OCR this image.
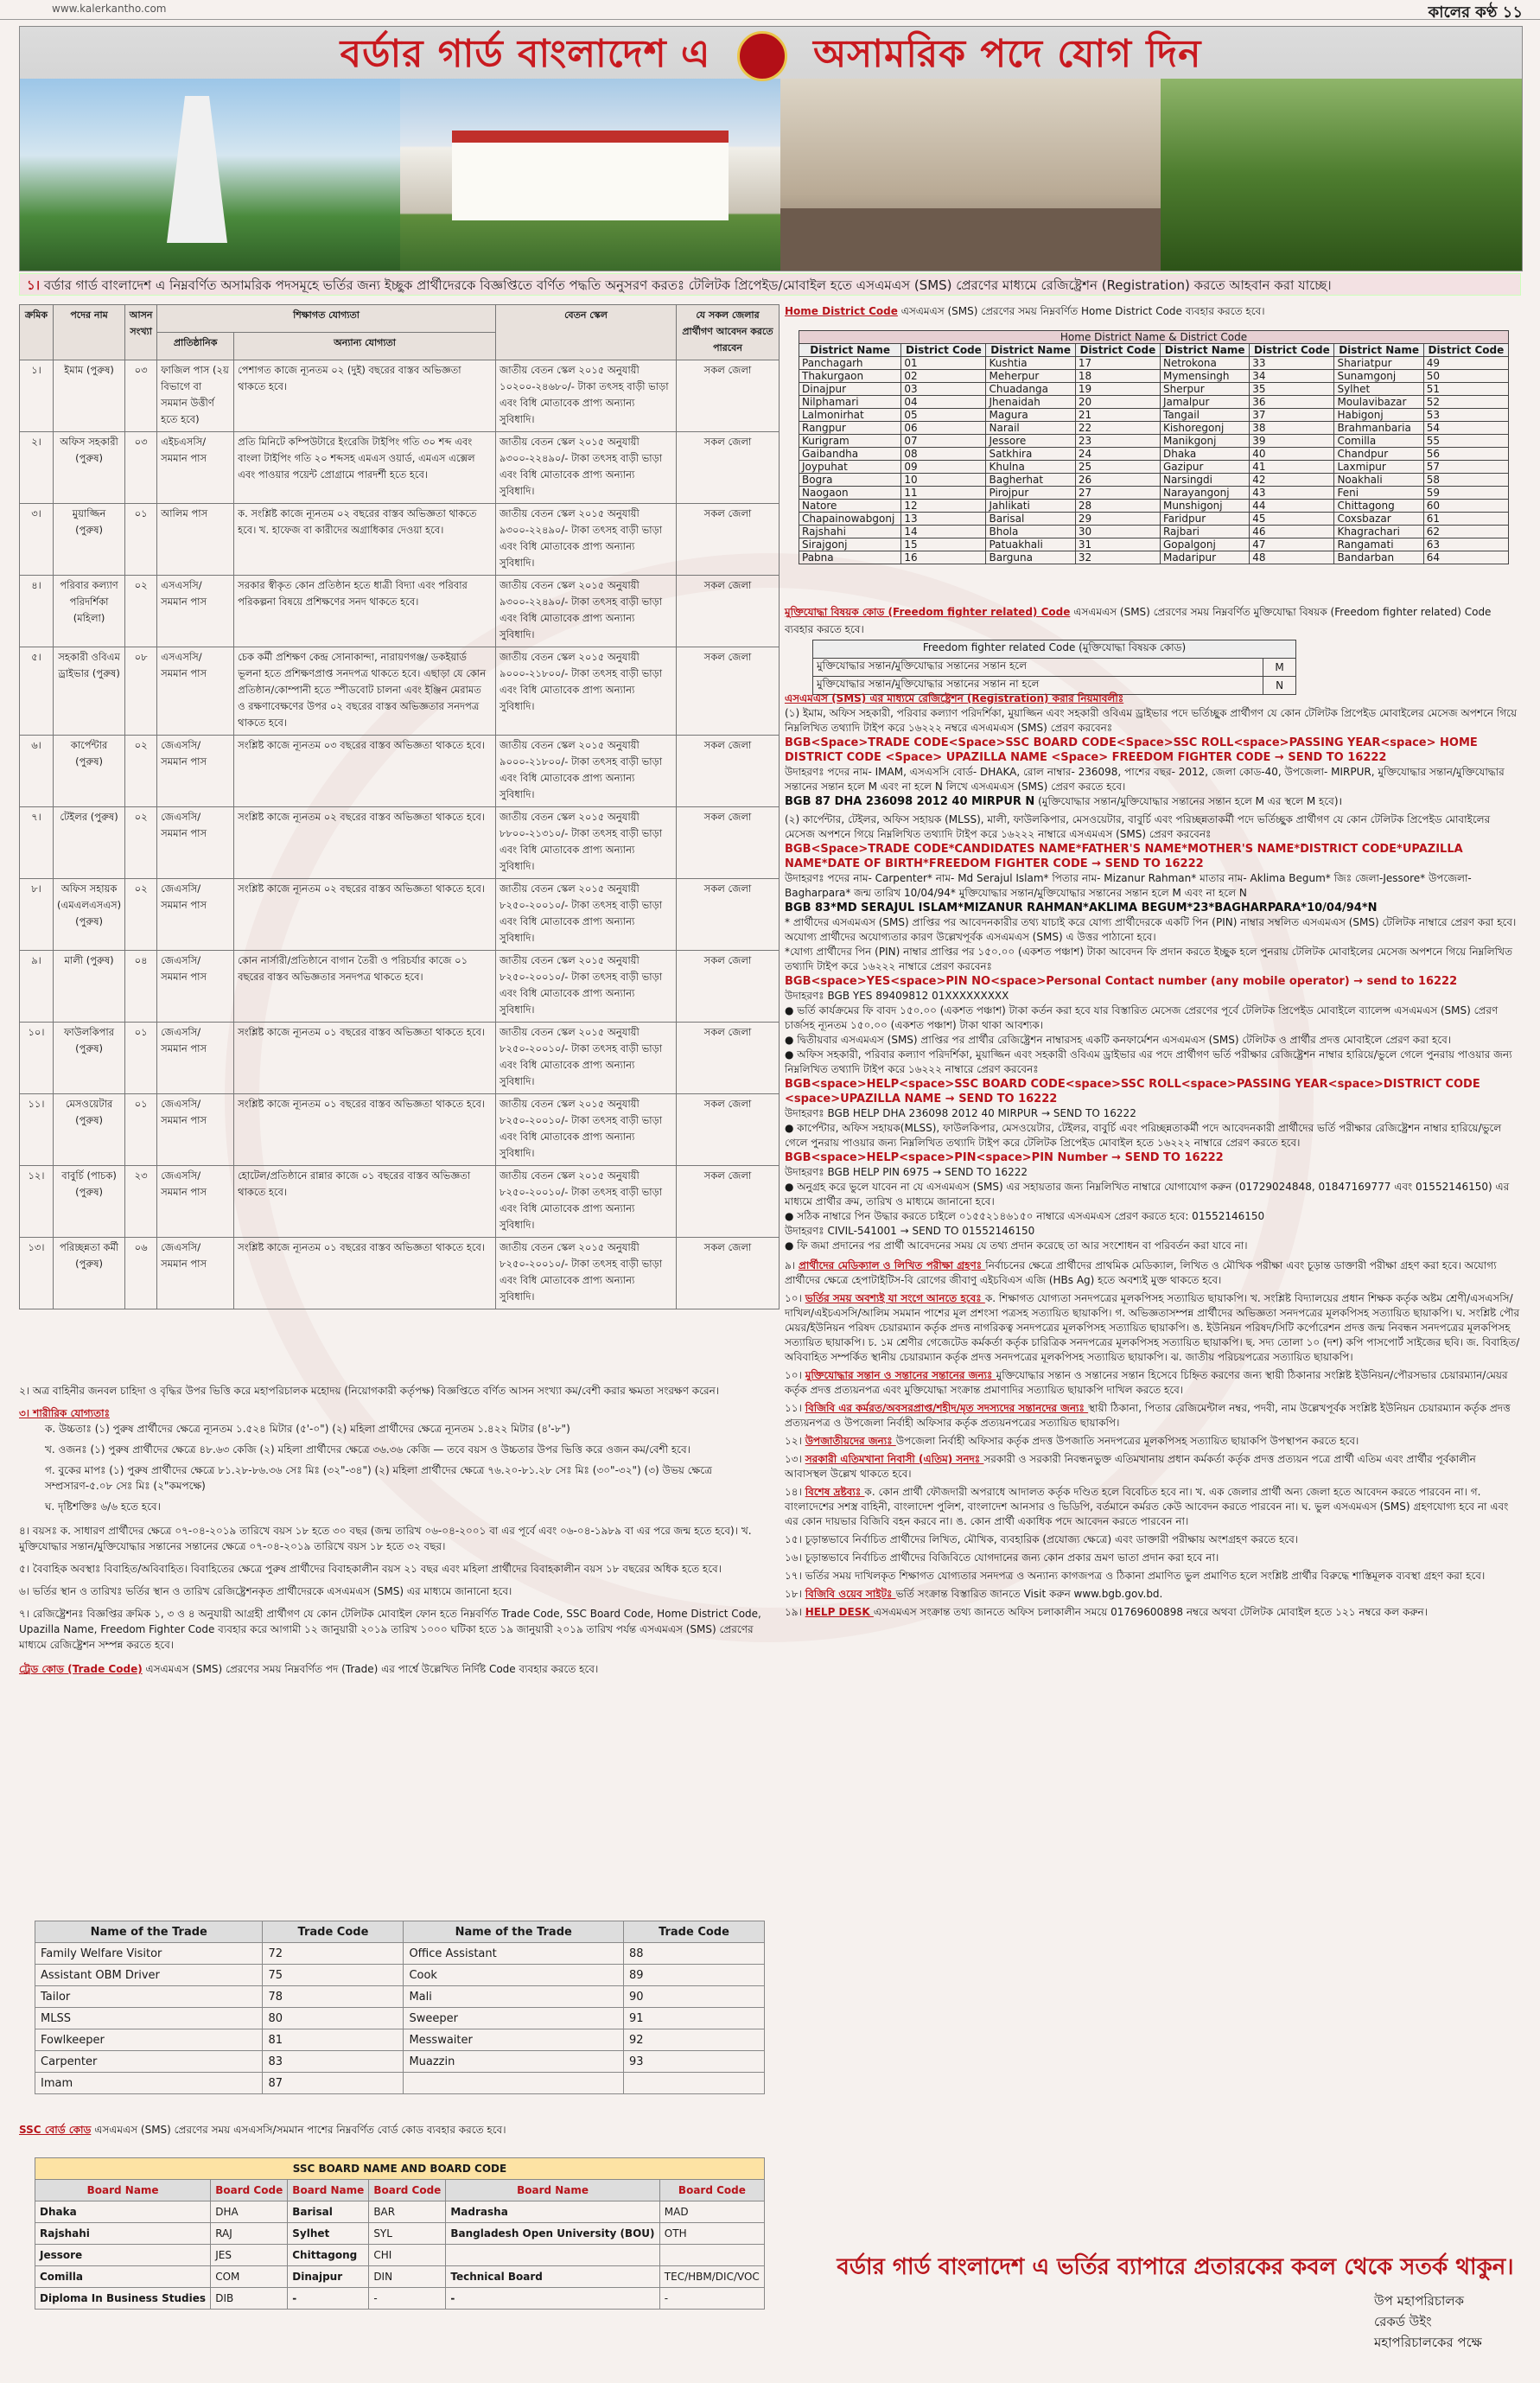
www.kalerkantho.com	কালের কণ্ঠ ১১
বর্ডার গার্ড বাংলাদেশ এ	অসামরিক পদে যোগ দিন
১। বর্ডার গার্ড বাংলাদেশ এ নিম্নবর্ণিত অসামরিক পদসমূহে ভর্তির জন্য ইচ্ছুক প্রার্থীদেরকে বিজ্ঞপ্তিতে বর্ণিত পদ্ধতি অনুসরণ করতঃ টেলিটক প্রিপেইড/মোবাইল হতে এসএমএস (SMS) প্রেরণের মাধ্যমে রেজিষ্ট্রেশন (Registration) করতে আহবান করা যাচ্ছে।
ক্রমিক	পদের নাম	আসন সংখ্যা	শিক্ষাগত যোগ্যতা		বেতন স্কেল	যে সকল জেলার প্রার্থীগণ আবেদন করতে পারবেন
			প্রাতিষ্ঠানিক	অন্যান্য যোগ্যতা		
১।	ইমাম (পুরুষ)	০৩	ফাজিল পাস (২য় বিভাগে বা সমমান উত্তীর্ণ হতে হবে)	পেশাগত কাজে ন্যূনতম ০২ (দুই) বছরের বাস্তব অভিজ্ঞতা থাকতে হবে।	জাতীয় বেতন স্কেল ২০১৫ অনুযায়ী ১০২০০-২৪৬৮০/- টাকা তৎসহ বাড়ী ভাড়া এবং বিধি মোতাবেক প্রাপ্য অন্যান্য সুবিধাদি।	সকল জেলা
২।	অফিস সহকারী (পুরুষ)	০৩	এইচএসসি/ সমমান পাস	প্রতি মিনিটে কম্পিউটারে ইংরেজি টাইপিং গতি ৩০ শব্দ এবং বাংলা টাইপিং গতি ২০ শব্দসহ এমএস ওয়ার্ড, এমএস এক্সেল এবং পাওয়ার পয়েন্ট প্রোগ্রামে পারদর্শী হতে হবে।	জাতীয় বেতন স্কেল ২০১৫ অনুযায়ী ৯৩০০-২২৪৯০/- টাকা তৎসহ বাড়ী ভাড়া এবং বিধি মোতাবেক প্রাপ্য অন্যান্য সুবিধাদি।	সকল জেলা
৩।	মুয়াজ্জিন (পুরুষ)	০১	আলিম পাস	ক. সংশ্লিষ্ট কাজে ন্যূনতম ০২ বছরের বাস্তব অভিজ্ঞতা থাকতে হবে। খ. হাফেজ বা কারীদের অগ্রাধিকার দেওয়া হবে।	জাতীয় বেতন স্কেল ২০১৫ অনুযায়ী ৯৩০০-২২৪৯০/- টাকা তৎসহ বাড়ী ভাড়া এবং বিধি মোতাবেক প্রাপ্য অন্যান্য সুবিধাদি।	সকল জেলা
৪।	পরিবার কল্যাণ পরিদর্শিকা (মহিলা)	০২	এসএসসি/ সমমান পাস	সরকার স্বীকৃত কোন প্রতিষ্ঠান হতে ধাত্রী বিদ্যা এবং পরিবার পরিকল্পনা বিষয়ে প্রশিক্ষণের সনদ থাকতে হবে।	জাতীয় বেতন স্কেল ২০১৫ অনুযায়ী ৯৩০০-২২৪৯০/- টাকা তৎসহ বাড়ী ভাড়া এবং বিধি মোতাবেক প্রাপ্য অন্যান্য সুবিধাদি।	সকল জেলা
৫।	সহকারী ওবিএম ড্রাইভার (পুরুষ)	০৮	এসএসসি/ সমমান পাস	চেক কর্মী প্রশিক্ষণ কেন্দ্র সোনাকান্দা, নারায়ণগঞ্জ/ ডকইয়ার্ড ভূলনা হতে প্রশিক্ষণপ্রাপ্ত সনদপত্র থাকতে হবে। এছাড়া যে কোন প্রতিষ্ঠান/কোম্পানী হতে স্পীডবোট চালনা এবং ইঞ্জিন মেরামত ও রক্ষণাবেক্ষণের উপর ০২ বছরের বাস্তব অভিজ্ঞতার সনদপত্র থাকতে হবে।	জাতীয় বেতন স্কেল ২০১৫ অনুযায়ী ৯০০০-২১৮০০/- টাকা তৎসহ বাড়ী ভাড়া এবং বিধি মোতাবেক প্রাপ্য অন্যান্য সুবিধাদি।	সকল জেলা
৬।	কার্পেন্টার (পুরুষ)	০২	জেএসসি/ সমমান পাস	সংশ্লিষ্ট কাজে ন্যূনতম ০৩ বছরের বাস্তব অভিজ্ঞতা থাকতে হবে।	জাতীয় বেতন স্কেল ২০১৫ অনুযায়ী ৯০০০-২১৮০০/- টাকা তৎসহ বাড়ী ভাড়া এবং বিধি মোতাবেক প্রাপ্য অন্যান্য সুবিধাদি।	সকল জেলা
৭।	টেইলর (পুরুষ)	০২	জেএসসি/ সমমান পাস	সংশ্লিষ্ট কাজে ন্যূনতম ০২ বছরের বাস্তব অভিজ্ঞতা থাকতে হবে।	জাতীয় বেতন স্কেল ২০১৫ অনুযায়ী ৮৮০০-২১৩১০/- টাকা তৎসহ বাড়ী ভাড়া এবং বিধি মোতাবেক প্রাপ্য অন্যান্য সুবিধাদি।	সকল জেলা
৮।	অফিস সহায়ক (এমএলএসএস) (পুরুষ)	০২	জেএসসি/ সমমান পাস	সংশ্লিষ্ট কাজে ন্যূনতম ০২ বছরের বাস্তব অভিজ্ঞতা থাকতে হবে।	জাতীয় বেতন স্কেল ২০১৫ অনুযায়ী ৮২৫০-২০০১০/- টাকা তৎসহ বাড়ী ভাড়া এবং বিধি মোতাবেক প্রাপ্য অন্যান্য সুবিধাদি।	সকল জেলা
৯।	মালী (পুরুষ)	০৪	জেএসসি/ সমমান পাস	কোন নার্সারী/প্রতিষ্ঠানে বাগান তৈরী ও পরিচর্যার কাজে ০১ বছরের বাস্তব অভিজ্ঞতার সনদপত্র থাকতে হবে।	জাতীয় বেতন স্কেল ২০১৫ অনুযায়ী ৮২৫০-২০০১০/- টাকা তৎসহ বাড়ী ভাড়া এবং বিধি মোতাবেক প্রাপ্য অন্যান্য সুবিধাদি।	সকল জেলা
১০।	ফাউলকিপার (পুরুষ)	০১	জেএসসি/ সমমান পাস	সংশ্লিষ্ট কাজে ন্যূনতম ০১ বছরের বাস্তব অভিজ্ঞতা থাকতে হবে।	জাতীয় বেতন স্কেল ২০১৫ অনুযায়ী ৮২৫০-২০০১০/- টাকা তৎসহ বাড়ী ভাড়া এবং বিধি মোতাবেক প্রাপ্য অন্যান্য সুবিধাদি।	সকল জেলা
১১।	মেসওয়েটার (পুরুষ)	০১	জেএসসি/ সমমান পাস	সংশ্লিষ্ট কাজে ন্যূনতম ০১ বছরের বাস্তব অভিজ্ঞতা থাকতে হবে।	জাতীয় বেতন স্কেল ২০১৫ অনুযায়ী ৮২৫০-২০০১০/- টাকা তৎসহ বাড়ী ভাড়া এবং বিধি মোতাবেক প্রাপ্য অন্যান্য সুবিধাদি।	সকল জেলা
১২।	বাবুর্চি (পাচক) (পুরুষ)	২৩	জেএসসি/ সমমান পাস	হোটেল/প্রতিষ্ঠানে রান্নার কাজে ০১ বছরের বাস্তব অভিজ্ঞতা থাকতে হবে।	জাতীয় বেতন স্কেল ২০১৫ অনুযায়ী ৮২৫০-২০০১০/- টাকা তৎসহ বাড়ী ভাড়া এবং বিধি মোতাবেক প্রাপ্য অন্যান্য সুবিধাদি।	সকল জেলা
১৩।	পরিচ্ছন্নতা কর্মী (পুরুষ)	০৬	জেএসসি/ সমমান পাস	সংশ্লিষ্ট কাজে ন্যূনতম ০১ বছরের বাস্তব অভিজ্ঞতা থাকতে হবে।	জাতীয় বেতন স্কেল ২০১৫ অনুযায়ী ৮২৫০-২০০১০/- টাকা তৎসহ বাড়ী ভাড়া এবং বিধি মোতাবেক প্রাপ্য অন্যান্য সুবিধাদি।	সকল জেলা
২। অত্র বাহিনীর জনবল চাহিদা ও বৃদ্ধির উপর ভিত্তি করে মহাপরিচালক মহোদয় (নিয়োগকারী কর্তৃপক্ষ) বিজ্ঞপ্তিতে বর্ণিত আসন সংখ্যা কম/বেশী করার ক্ষমতা সংরক্ষণ করেন।
৩। শারীরিক যোগ্যতাঃ
ক. উচ্চতাঃ (১) পুরুষ প্রার্থীদের ক্ষেত্রে ন্যূনতম ১.৫২৪ মিটার (৫'-০") (২) মহিলা প্রার্থীদের ক্ষেত্রে ন্যূনতম ১.৪২২ মিটার (৪'-৮")
খ. ওজনঃ (১) পুরুষ প্রার্থীদের ক্ষেত্রে ৪৮.৬৩ কেজি (২) মহিলা প্রার্থীদের ক্ষেত্রে ৩৬.৩৬ কেজি — তবে বয়স ও উচ্চতার উপর ভিত্তি করে ওজন কম/বেশী হবে।
গ. বুকের মাপঃ (১) পুরুষ প্রার্থীদের ক্ষেত্রে ৮১.২৮-৮৬.৩৬ সেঃ মিঃ (৩২"-৩৪") (২) মহিলা প্রার্থীদের ক্ষেত্রে ৭৬.২০-৮১.২৮ সেঃ মিঃ (৩০"-৩২") (৩) উভয় ক্ষেত্রে সম্প্রসারণ-৫.০৮ সেঃ মিঃ (২"কমপক্ষে)
ঘ. দৃষ্টিশক্তিঃ ৬/৬ হতে হবে।
৪। বয়সঃ ক. সাধারণ প্রার্থীদের ক্ষেত্রে ০৭-০৪-২০১৯ তারিখে বয়স ১৮ হতে ৩০ বছর (জন্ম তারিখ ০৬-০৪-২০০১ বা এর পূর্বে এবং ০৬-০৪-১৯৮৯ বা এর পরে জন্ম হতে হবে)। খ. মুক্তিযোদ্ধার সন্তান/মুক্তিযোদ্ধার সন্তানের সন্তানের ক্ষেত্রে ০৭-০৪-২০১৯ তারিখে বয়স ১৮ হতে ৩২ বছর।
৫। বৈবাহিক অবস্থাঃ বিবাহিত/অবিবাহিত। বিবাহিতের ক্ষেত্রে পুরুষ প্রার্থীদের বিবাহকালীন বয়স ২১ বছর এবং মহিলা প্রার্থীদের বিবাহকালীন বয়স ১৮ বছরের অধিক হতে হবে।
৬। ভর্তির স্থান ও তারিখঃ ভর্তির স্থান ও তারিখ রেজিষ্ট্রেশনকৃত প্রার্থীদেরকে এসএমএস (SMS) এর মাধ্যমে জানানো হবে।
৭। রেজিষ্ট্রেশনঃ বিজ্ঞপ্তির ক্রমিক ১, ৩ ও ৪ অনুযায়ী আগ্রহী প্রার্থীগণ যে কোন টেলিটক মোবাইল ফোন হতে নিম্নবর্ণিত Trade Code, SSC Board Code, Home District Code, Upazilla Name, Freedom Fighter Code ব্যবহার করে আগামী ১২ জানুয়ারী ২০১৯ তারিখ ১০০০ ঘটিকা হতে ১৯ জানুয়ারী ২০১৯ তারিখ পর্যন্ত এসএমএস (SMS) প্রেরণের মাধ্যমে রেজিষ্ট্রেশন সম্পন্ন করতে হবে।
ট্রেড কোড (Trade Code) এসএমএস (SMS) প্রেরণের সময় নিম্নবর্ণিত পদ (Trade) এর পার্শ্বে উল্লেখিত নির্দিষ্ট Code ব্যবহার করতে হবে।
Name of the Trade	Trade Code	Name of the Trade	Trade Code
Family Welfare Visitor	72	Office Assistant	88
Assistant OBM Driver	75	Cook	89
Tailor	78	Mali	90
MLSS	80	Sweeper	91
Fowlkeeper	81	Messwaiter	92
Carpenter	83	Muazzin	93
Imam	87		
SSC বোর্ড কোড এসএমএস (SMS) প্রেরণের সময় এসএসসি/সমমান পাশের নিম্নবর্ণিত বোর্ড কোড ব্যবহার করতে হবে।
SSC BOARD NAME AND BOARD CODE					
Board Name	Board Code	Board Name	Board Code	Board Name	Board Code
Dhaka	DHA	Barisal	BAR	Madrasha	MAD
Rajshahi	RAJ	Sylhet	SYL	Bangladesh Open University (BOU)	OTH
Jessore	JES	Chittagong	CHI		
Comilla	COM	Dinajpur	DIN	Technical Board	TEC/HBM/DIC/VOC
Diploma In Business Studies	DIB	-	-	-	-
Home District Code এসএমএস (SMS) প্রেরণের সময় নিম্নবর্ণিত Home District Code ব্যবহার করতে হবে।
Home District Name & District Code							
District Name	District Code	District Name	District Code	District Name	District Code	District Name	District Code
Panchagarh	01	Kushtia	17	Netrokona	33	Shariatpur	49
Thakurgaon	02	Meherpur	18	Mymensingh	34	Sunamgonj	50
Dinajpur	03	Chuadanga	19	Sherpur	35	Sylhet	51
Nilphamari	04	Jhenaidah	20	Jamalpur	36	Moulavibazar	52
Lalmonirhat	05	Magura	21	Tangail	37	Habigonj	53
Rangpur	06	Narail	22	Kishoregonj	38	Brahmanbaria	54
Kurigram	07	Jessore	23	Manikgonj	39	Comilla	55
Gaibandha	08	Satkhira	24	Dhaka	40	Chandpur	56
Joypuhat	09	Khulna	25	Gazipur	41	Laxmipur	57
Bogra	10	Bagherhat	26	Narsingdi	42	Noakhali	58
Naogaon	11	Pirojpur	27	Narayangonj	43	Feni	59
Natore	12	Jahlikati	28	Munshigonj	44	Chittagong	60
Chapainowabgonj	13	Barisal	29	Faridpur	45	Coxsbazar	61
Rajshahi	14	Bhola	30	Rajbari	46	Khagrachari	62
Sirajgonj	15	Patuakhali	31	Gopalgonj	47	Rangamati	63
Pabna	16	Barguna	32	Madaripur	48	Bandarban	64
মুক্তিযোদ্ধা বিষয়ক কোড (Freedom fighter related) Code এসএমএস (SMS) প্রেরণের সময় নিম্নবর্ণিত মুক্তিযোদ্ধা বিষয়ক (Freedom fighter related) Code ব্যবহার করতে হবে।
Freedom fighter related Code (মুক্তিযোদ্ধা বিষয়ক কোড)	
মুক্তিযোদ্ধার সন্তান/মুক্তিযোদ্ধার সন্তানের সন্তান হলে	M
মুক্তিযোদ্ধার সন্তান/মুক্তিযোদ্ধার সন্তানের সন্তান না হলে	N
এসএমএস (SMS) এর মাধ্যমে রেজিষ্ট্রেশন (Registration) করার নিয়মাবলীঃ
(১) ইমাম, অফিস সহকারী, পরিবার কল্যাণ পরিদর্শিকা, মুয়াজ্জিন এবং সহকারী ওবিএম ড্রাইভার পদে ভর্তিচ্ছুক প্রার্থীগণ যে কোন টেলিটক প্রিপেইড মোবাইলের মেসেজ অপশনে গিয়ে নিম্নলিখিত তথ্যাদি টাইপ করে ১৬২২২ নম্বরে এসএমএস (SMS) প্রেরণ করবেনঃ
BGB<Space>TRADE CODE<Space>SSC BOARD CODE<Space>SSC ROLL<space>PASSING YEAR<space> HOME DISTRICT CODE <Space> UPAZILLA NAME <Space> FREEDOM FIGHTER CODE → SEND TO 16222
উদাহরণঃ পদের নাম- IMAM, এসএসসি বোর্ড- DHAKA, রোল নাম্বার- 236098, পাশের বছর- 2012, জেলা কোড-40, উপজেলা- MIRPUR, মুক্তিযোদ্ধার সন্তান/মুক্তিযোদ্ধার সন্তানের সন্তান হলে M এবং না হলে N লিখে এসএমএস (SMS) প্রেরণ করতে হবে।
BGB 87 DHA 236098 2012 40 MIRPUR N (মুক্তিযোদ্ধার সন্তান/মুক্তিযোদ্ধার সন্তানের সন্তান হলে M এর স্থলে M হবে)।
(২) কার্পেন্টার, টেইলর, অফিস সহায়ক (MLSS), মালী, ফাউলকিপার, মেসওয়েটার, বাবুর্চি এবং পরিচ্ছন্নতাকর্মী পদে ভর্তিচ্ছুক প্রার্থীগণ যে কোন টেলিটক প্রিপেইড মোবাইলের মেসেজ অপশনে গিয়ে নিম্নলিখিত তথ্যাদি টাইপ করে ১৬২২২ নাম্বারে এসএমএস (SMS) প্রেরণ করবেনঃ
BGB<Space>TRADE CODE*CANDIDATES NAME*FATHER'S NAME*MOTHER'S NAME*DISTRICT CODE*UPAZILLA NAME*DATE OF BIRTH*FREEDOM FIGHTER CODE → SEND TO 16222
উদাহরণঃ পদের নাম- Carpenter* নাম- Md Serajul Islam* পিতার নাম- Mizanur Rahman* মাতার নাম- Aklima Begum* জিঃ জেলা-Jessore* উপজেলা- Bagharpara* জন্ম তারিখ 10/04/94* মুক্তিযোদ্ধার সন্তান/মুক্তিযোদ্ধার সন্তানের সন্তান হলে M এবং না হলে N
BGB 83*MD SERAJUL ISLAM*MIZANUR RAHMAN*AKLIMA BEGUM*23*BAGHARPARA*10/04/94*N
* প্রার্থীদের এসএমএস (SMS) প্রাপ্তির পর আবেদনকারীর তথ্য যাচাই করে যোগ্য প্রার্থীদেরকে একটি পিন (PIN) নাম্বার সম্বলিত এসএমএস (SMS) টেলিটক নাম্বারে প্রেরণ করা হবে। অযোগ্য প্রার্থীদের অযোগ্যতার কারণ উল্লেখপূর্বক এসএমএস (SMS) এ উত্তর পাঠানো হবে।
*যোগ্য প্রার্থীদের পিন (PIN) নাম্বার প্রাপ্তির পর ১৫০.০০ (একশত পঞ্চাশ) টাকা আবেদন ফি প্রদান করতে ইচ্ছুক হলে পুনরায় টেলিটক মোবাইলের মেসেজ অপশনে গিয়ে নিম্নলিখিত তথ্যাদি টাইপ করে ১৬২২২ নাম্বারে প্রেরণ করবেনঃ
BGB<space>YES<space>PIN NO<space>Personal Contact number (any mobile operator) → send to 16222
উদাহরণঃ BGB YES 89409812 01XXXXXXXXX
● ভর্তি কার্যক্রমের ফি বাবদ ১৫০.০০ (একশত পঞ্চাশ) টাকা কর্তন করা হবে যার বিস্তারিত মেসেজ প্রেরণের পূর্বে টেলিটক প্রিপেইড মোবাইলে ব্যালেন্স এসএমএস (SMS) প্রেরণ চার্জসহ ন্যূনতম ১৫০.০০ (একশত পঞ্চাশ) টাকা থাকা আবশ্যক।
● দ্বিতীয়বার এসএমএস (SMS) প্রাপ্তির পর প্রার্থীর রেজিষ্ট্রেশন নাম্বারসহ একটি কনফার্মেশন এসএমএস (SMS) টেলিটক ও প্রার্থীর প্রদত্ত মোবাইলে প্রেরণ করা হবে।
● অফিস সহকারী, পরিবার কল্যাণ পরিদর্শিকা, মুয়াজ্জিন এবং সহকারী ওবিএম ড্রাইভার এর পদে প্রার্থীগণ ভর্তি পরীক্ষার রেজিষ্ট্রেশন নাম্বার হারিয়ে/ভুলে গেলে পুনরায় পাওয়ার জন্য নিম্নলিখিত তথ্যাদি টাইপ করে ১৬২২২ নাম্বারে প্রেরণ করবেনঃ
BGB<space>HELP<space>SSC BOARD CODE<space>SSC ROLL<space>PASSING YEAR<space>DISTRICT CODE <space>UPAZILLA NAME → SEND TO 16222
উদাহরণঃ BGB HELP DHA 236098 2012 40 MIRPUR → SEND TO 16222
● কার্পেন্টার, অফিস সহায়ক(MLSS), ফাউলকিপার, মেসওয়েটার, টেইলর, বাবুর্চি এবং পরিচ্ছন্নতাকর্মী পদে আবেদনকারী প্রার্থীদের ভর্তি পরীক্ষার রেজিষ্ট্রেশন নাম্বার হারিয়ে/ভুলে গেলে পুনরায় পাওয়ার জন্য নিম্নলিখিত তথ্যাদি টাইপ করে টেলিটক প্রিপেইড মোবাইল হতে ১৬২২২ নাম্বারে প্রেরণ করতে হবে।
BGB<space>HELP<space>PIN<space>PIN Number → SEND TO 16222
উদাহরণঃ BGB HELP PIN 6975 → SEND TO 16222
● অনুগ্রহ করে ভুলে যাবেন না যে এসএমএস (SMS) এর সহায়তার জন্য নিম্নলিখিত নাম্বারে যোগাযোগ করুন (01729024848, 01847169777 এবং 01552146150) এর মাধ্যমে প্রার্থীর ক্রম, তারিখ ও মাধ্যমে জানানো হবে।
● সঠিক নাম্বারে পিন উদ্ধার করতে চাইলে ০১৫৫২১৪৬১৫০ নাম্বারে এসএমএস প্রেরণ করতে হবে: 01552146150
উদাহরণঃ CIVIL-541001 → SEND TO 01552146150
● ফি জমা প্রদানের পর প্রার্থী আবেদনের সময় যে তথ্য প্রদান করেছে তা আর সংশোধন বা পরিবর্তন করা যাবে না।
৯। প্রার্থীদের মেডিক্যাল ও লিখিত পরীক্ষা গ্রহণঃ নির্বাচনের ক্ষেত্রে প্রার্থীদের প্রাথমিক মেডিক্যাল, লিখিত ও মৌখিক পরীক্ষা এবং চূড়ান্ত ডাক্তারী পরীক্ষা গ্রহণ করা হবে। অযোগ্য প্রার্থীদের ক্ষেত্রে হেপাটাইটিস-বি রোগের জীবাণু এইচবিএস এজি (HBs Ag) হতে অবশ্যই মুক্ত থাকতে হবে।
১০। ভর্তির সময় অবশ্যই যা সংগে আনতে হবেঃ ক. শিক্ষাগত যোগ্যতা সনদপত্রের মূলকপিসহ সত্যায়িত ছায়াকপি। খ. সংশ্লিষ্ট বিদ্যালয়ের প্রধান শিক্ষক কর্তৃক অষ্টম শ্রেণী/এসএসসি/দাখিল/এইচএসসি/আলিম সমমান পাশের মূল প্রশংসা পত্রসহ সত্যায়িত ছায়াকপি। গ. অভিজ্ঞতাসম্পন্ন প্রার্থীদের অভিজ্ঞতা সনদপত্রের মূলকপিসহ সত্যায়িত ছায়াকপি। ঘ. সংশ্লিষ্ট পৌর মেয়র/ইউনিয়ন পরিষদ চেয়ারম্যান কর্তৃক প্রদত্ত নাগরিকত্ব সনদপত্রের মূলকপিসহ সত্যায়িত ছায়াকপি। ঙ. ইউনিয়ন পরিষদ/সিটি কর্পোরেশন প্রদত্ত জন্ম নিবন্ধন সনদপত্রের মূলকপিসহ সত্যায়িত ছায়াকপি। চ. ১ম শ্রেণীর গেজেটেড কর্মকর্তা কর্তৃক চারিত্রিক সনদপত্রের মূলকপিসহ সত্যায়িত ছায়াকপি। ছ. সদ্য তোলা ১০ (দশ) কপি পাসপোর্ট সাইজের ছবি। জ. বিবাহিত/অবিবাহিত সম্পর্কিত স্থানীয় চেয়ারম্যান কর্তৃক প্রদত্ত সনদপত্রের মূলকপিসহ সত্যায়িত ছায়াকপি। ঝ. জাতীয় পরিচয়পত্রের সত্যায়িত ছায়াকপি।
১০। মুক্তিযোদ্ধার সন্তান ও সন্তানের সন্তানের জন্যঃ মুক্তিযোদ্ধার সন্তান ও সন্তানের সন্তান হিসেবে চিহ্নিত করণের জন্য স্থায়ী ঠিকানার সংশ্লিষ্ট ইউনিয়ন/পৌরসভার চেয়ারম্যান/মেয়র কর্তৃক প্রদত্ত প্রত্যয়নপত্র এবং মুক্তিযোদ্ধা সংক্রান্ত প্রমাণাদির সত্যায়িত ছায়াকপি দাখিল করতে হবে।
১১। বিজিবি এর কর্মরত/অবসরপ্রাপ্ত/শহীদ/মৃত সদস্যদের সন্তানদের জন্যঃ স্থায়ী ঠিকানা, পিতার রেজিমেন্টাল নম্বর, পদবী, নাম উল্লেখপূর্বক সংশ্লিষ্ট ইউনিয়ন চেয়ারম্যান কর্তৃক প্রদত্ত প্রত্যয়নপত্র ও উপজেলা নির্বাহী অফিসার কর্তৃক প্রত্যয়নপত্রের সত্যায়িত ছায়াকপি।
১২। উপজাতীয়দের জন্যঃ উপজেলা নির্বাহী অফিসার কর্তৃক প্রদত্ত উপজাতি সনদপত্রের মূলকপিসহ সত্যায়িত ছায়াকপি উপস্থাপন করতে হবে।
১৩। সরকারী এতিমখানা নিবাসী (এতিম) সনদঃ সরকারী ও সরকারী নিবন্ধনভুক্ত এতিমখানায় প্রধান কর্মকর্তা কর্তৃক প্রদত্ত প্রত্যয়ন পত্রে প্রার্থী এতিম এবং প্রার্থীর পূর্বকালীন আবাসস্থল উল্লেখ থাকতে হবে।
১৪। বিশেষ দ্রষ্টব্যঃ ক. কোন প্রার্থী ফৌজদারী অপরাধে আদালত কর্তৃক দণ্ডিত হলে বিবেচিত হবে না। খ. এক জেলার প্রার্থী অন্য জেলা হতে আবেদন করতে পারবেন না। গ. বাংলাদেশের সশস্ত্র বাহিনী, বাংলাদেশ পুলিশ, বাংলাদেশ আনসার ও ভিডিপি, বর্তমানে কর্মরত কেউ আবেদন করতে পারবেন না। ঘ. ভুল এসএমএস (SMS) গ্রহণযোগ্য হবে না এবং এর কোন দায়ভার বিজিবি বহন করবে না। ঙ. কোন প্রার্থী একাধিক পদে আবেদন করতে পারবেন না।
১৫। চূড়ান্তভাবে নির্বাচিত প্রার্থীদের লিখিত, মৌখিক, ব্যবহারিক (প্রযোজ্য ক্ষেত্রে) এবং ডাক্তারী পরীক্ষায় অংশগ্রহণ করতে হবে।
১৬। চূড়ান্তভাবে নির্বাচিত প্রার্থীদের বিজিবিতে যোগদানের জন্য কোন প্রকার ভ্রমণ ভাতা প্রদান করা হবে না।
১৭। ভর্তির সময় দাখিলকৃত শিক্ষাগত যোগ্যতার সনদপত্র ও অন্যান্য কাগজপত্র ও ঠিকানা প্রমাণিত ভুল প্রমাণিত হলে সংশ্লিষ্ট প্রার্থীর বিরুদ্ধে শাস্তিমূলক ব্যবস্থা গ্রহণ করা হবে।
১৮। বিজিবি ওয়েব সাইটঃ ভর্তি সংক্রান্ত বিস্তারিত জানতে Visit করুন www.bgb.gov.bd.
১৯। HELP DESK এসএমএস সংক্রান্ত তথ্য জানতে অফিস চলাকালীন সময়ে 01769600898 নম্বরে অথবা টেলিটক মোবাইল হতে ১২১ নম্বরে কল করুন।
বর্ডার গার্ড বাংলাদেশ এ ভর্তির ব্যাপারে প্রতারকের কবল থেকে সতর্ক থাকুন।
উপ মহাপরিচালক
রেকর্ড উইং
মহাপরিচালকের পক্ষে
